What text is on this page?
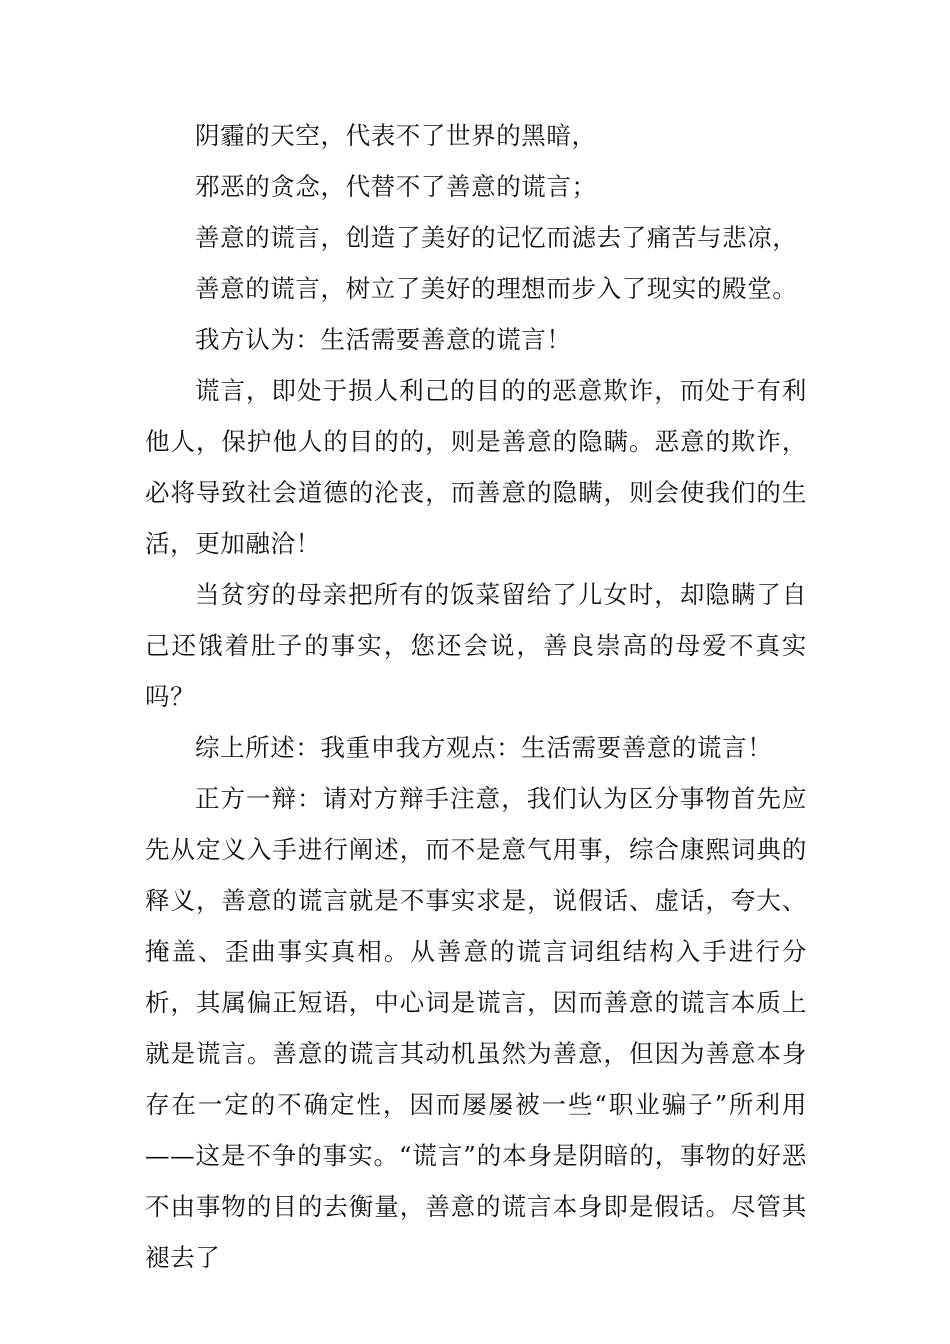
阴霾的天空，代表不了世界的黑暗，

邪恶的贪念，代替不了善意的谎言；

善意的谎言，创造了美好的记忆而滤去了痛苦与悲凉，

善意的谎言，树立了美好的理想而步入了现实的殿堂。

我方认为：生活需要善意的谎言！

谎言，即处于损人利己的目的的恶意欺诈，而处于有利他人，保护他人的目的的，则是善意的隐瞒。恶意的欺诈，必将导致社会道德的沦丧，而善意的隐瞒，则会使我们的生活，更加融洽！

当贫穷的母亲把所有的饭菜留给了儿女时，却隐瞒了自己还饿着肚子的事实，您还会说，善良崇高的母爱不真实吗？

综上所述：我重申我方观点：生活需要善意的谎言！

正方一辩：请对方辩手注意，我们认为区分事物首先应先从定义入手进行阐述，而不是意气用事，综合康熙词典的释义，善意的谎言就是不事实求是，说假话、虚话，夸大、掩盖、歪曲事实真相。从善意的谎言词组结构入手进行分析，其属偏正短语，中心词是谎言，因而善意的谎言本质上就是谎言。善意的谎言其动机虽然为善意，但因为善意本身存在一定的不确定性，因而屡屡被一些“职业骗子”所利用——这是不争的事实。“谎言”的本身是阴暗的，事物的好恶不由事物的目的去衡量，善意的谎言本身即是假话。尽管其褪去了
